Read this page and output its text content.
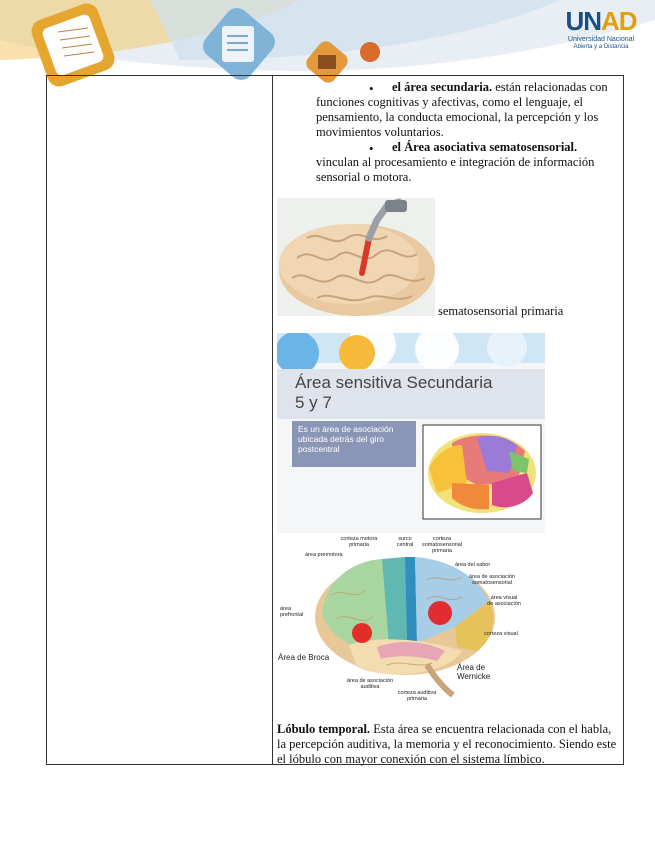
UNAD
Universidad Nacional
Abierta y a Distancia
•	el área secundaria. están relacionadas con funciones cognitivas y afectivas, como el lenguaje, el pensamiento, la conducta emocional, la percepción y los movimientos voluntarios.
•	el Área asociativa sematosensorial.
vinculan al procesamiento e integración de información sensorial o motora.
sematosensorial primaria
Área sensitiva Secundaria
5 y 7
Es un área de asociación ubicada detrás del giro postcentral
corteza motora primaria
surco central
corteza somatosensorial primaria
área premotora
área del sabor
área de asociación somatosensorial
área prefrontal
área visual de asociación
corteza visual
área de asociación auditiva
corteza auditiva primaria
Área de Broca
Área de Wernicke
Lóbulo temporal. Esta área se encuentra relacionada con el habla, la percepción auditiva, la memoria y el reconocimiento. Siendo este el lóbulo con mayor conexión con el sistema límbico.
